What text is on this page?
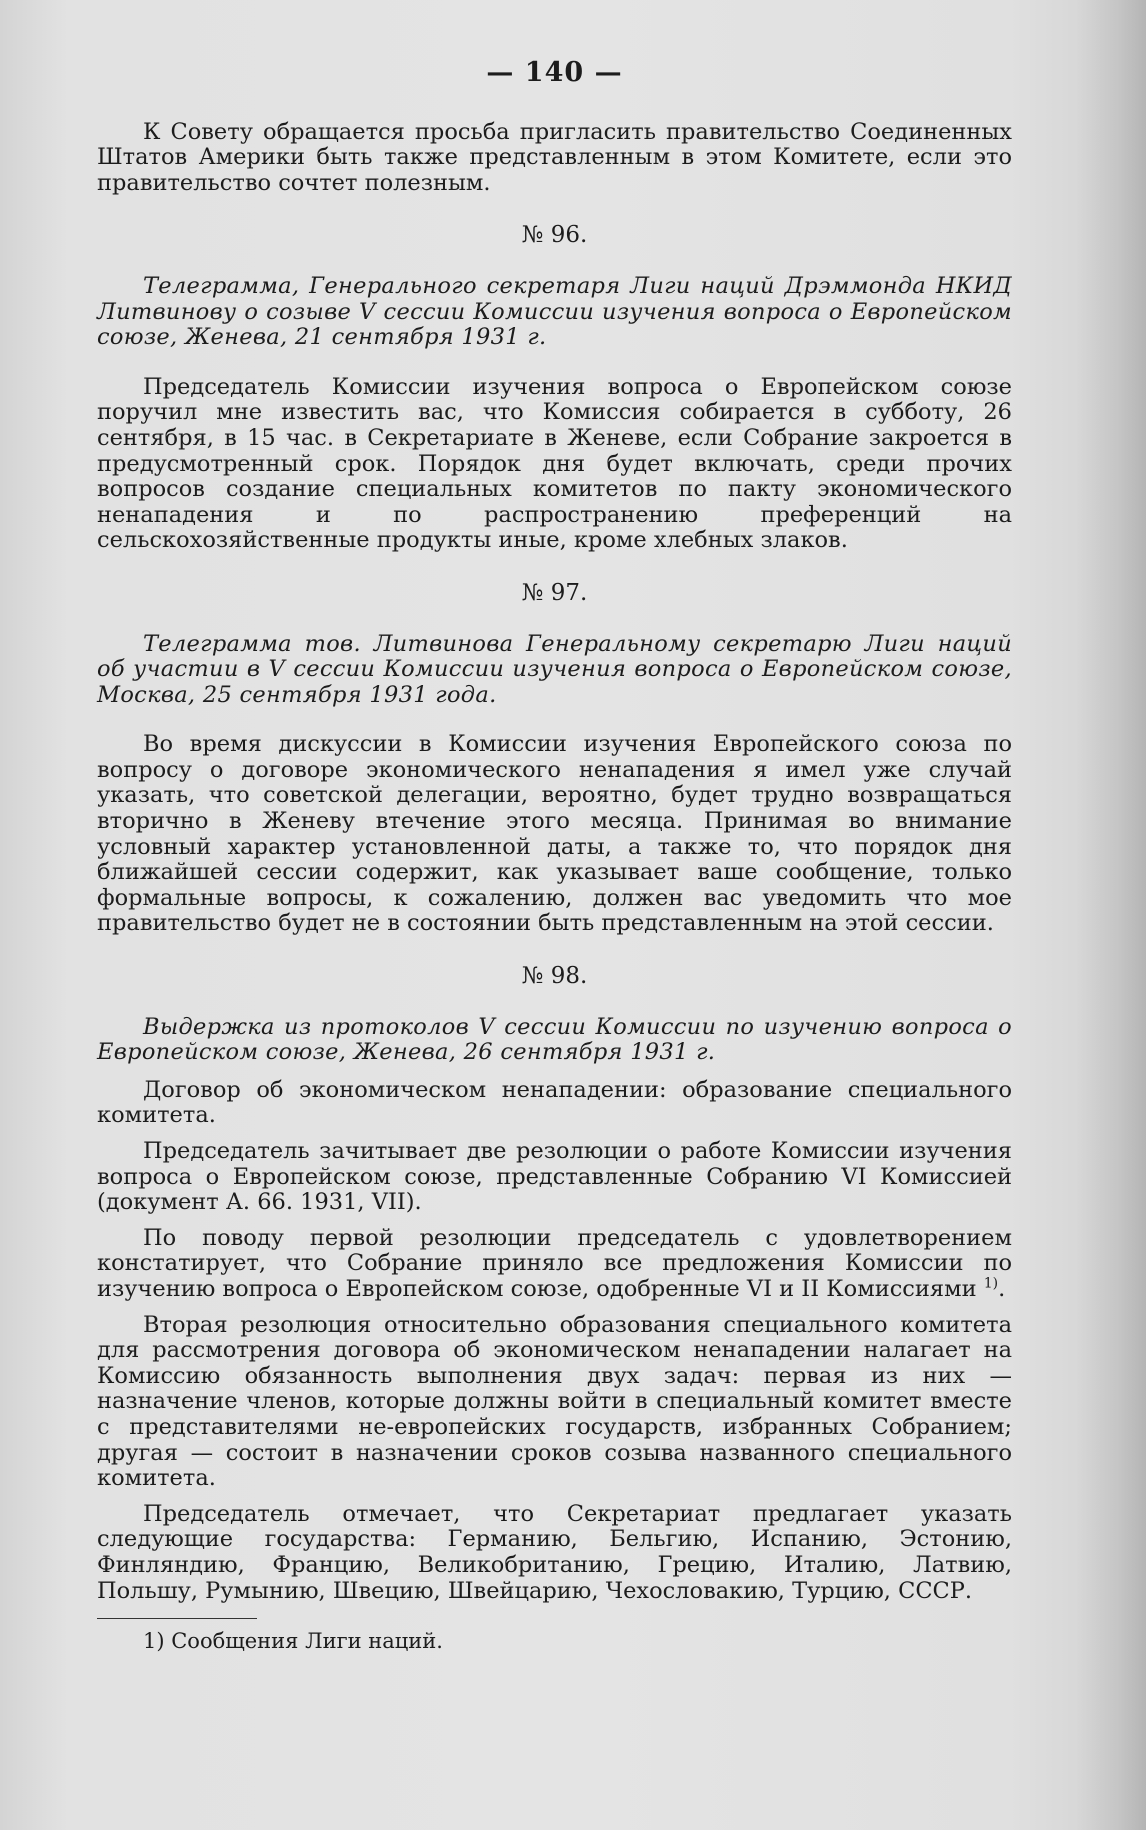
— 140 —

К Совету обращается просьба пригласить правительство Соединенных Штатов Америки быть также представленным в этом Комитете, если это правительство сочтет полезным.

№ 96.
Телеграмма, Генерального секретаря Лиги наций Дрэммонда НКИД Литвинову о созыве V сессии Комиссии изучения вопроса о Европейском союзе, Женева, 21 сентября 1931 г.

Председатель Комиссии изучения вопроса о Европейском союзе поручил мне известить вас, что Комиссия собирается в субботу, 26 сентября, в 15 час. в Секретариате в Женеве, если Собрание закроется в предусмотренный срок. Порядок дня будет включать, среди прочих вопросов создание специальных комитетов по пакту экономического ненападения и по распространению преференций на сельскохозяйственные продукты иные, кроме хлебных злаков.

№ 97.
Телеграмма тов. Литвинова Генеральному секретарю Лиги наций об участии в V сессии Комиссии изучения вопроса о Европейском союзе, Москва, 25 сентября 1931 года.

Во время дискуссии в Комиссии изучения Европейского союза по вопросу о договоре экономического ненападения я имел уже случай указать, что советской делегации, вероятно, будет трудно возвращаться вторично в Женеву втечение этого месяца. Принимая во внимание условный характер установленной даты, а также то, что порядок дня ближайшей сессии содержит, как указывает ваше сообщение, только формальные вопросы, к сожалению, должен вас уведомить что мое правительство будет не в состоянии быть представленным на этой сессии.

№ 98.
Выдержка из протоколов V сессии Комиссии по изучению вопроса о Европейском союзе, Женева, 26 сентября 1931 г.

Договор об экономическом ненападении: образование специального комитета.

Председатель зачитывает две резолюции о работе Комиссии изучения вопроса о Европейском союзе, представленные Собранию VI Комиссией (документ А. 66. 1931, VII).

По поводу первой резолюции председатель с удовлетворением констатирует, что Собрание приняло все предложения Комиссии по изучению вопроса о Европейском союзе, одобренные VI и II Комиссиями $^{1)}$.

Вторая резолюция относительно образования специального комитета для рассмотрения договора об экономическом ненападении налагает на Комиссию обязанность выполнения двух задач: первая из них — назначение членов, которые должны войти в специальный комитет вместе с представителями не-европейских государств, избранных Собранием; другая — состоит в назначении сроков созыва названного специального комитета.

Председатель отмечает, что Секретариат предлагает указать следующие государства: Германию, Бельгию, Испанию, Эстонию, Финляндию, Францию, Великобританию, Грецию, Италию, Латвию, Польшу, Румынию, Швецию, Швейцарию, Чехословакию, Турцию, СССР.

1) Сообщения Лиги наций.
